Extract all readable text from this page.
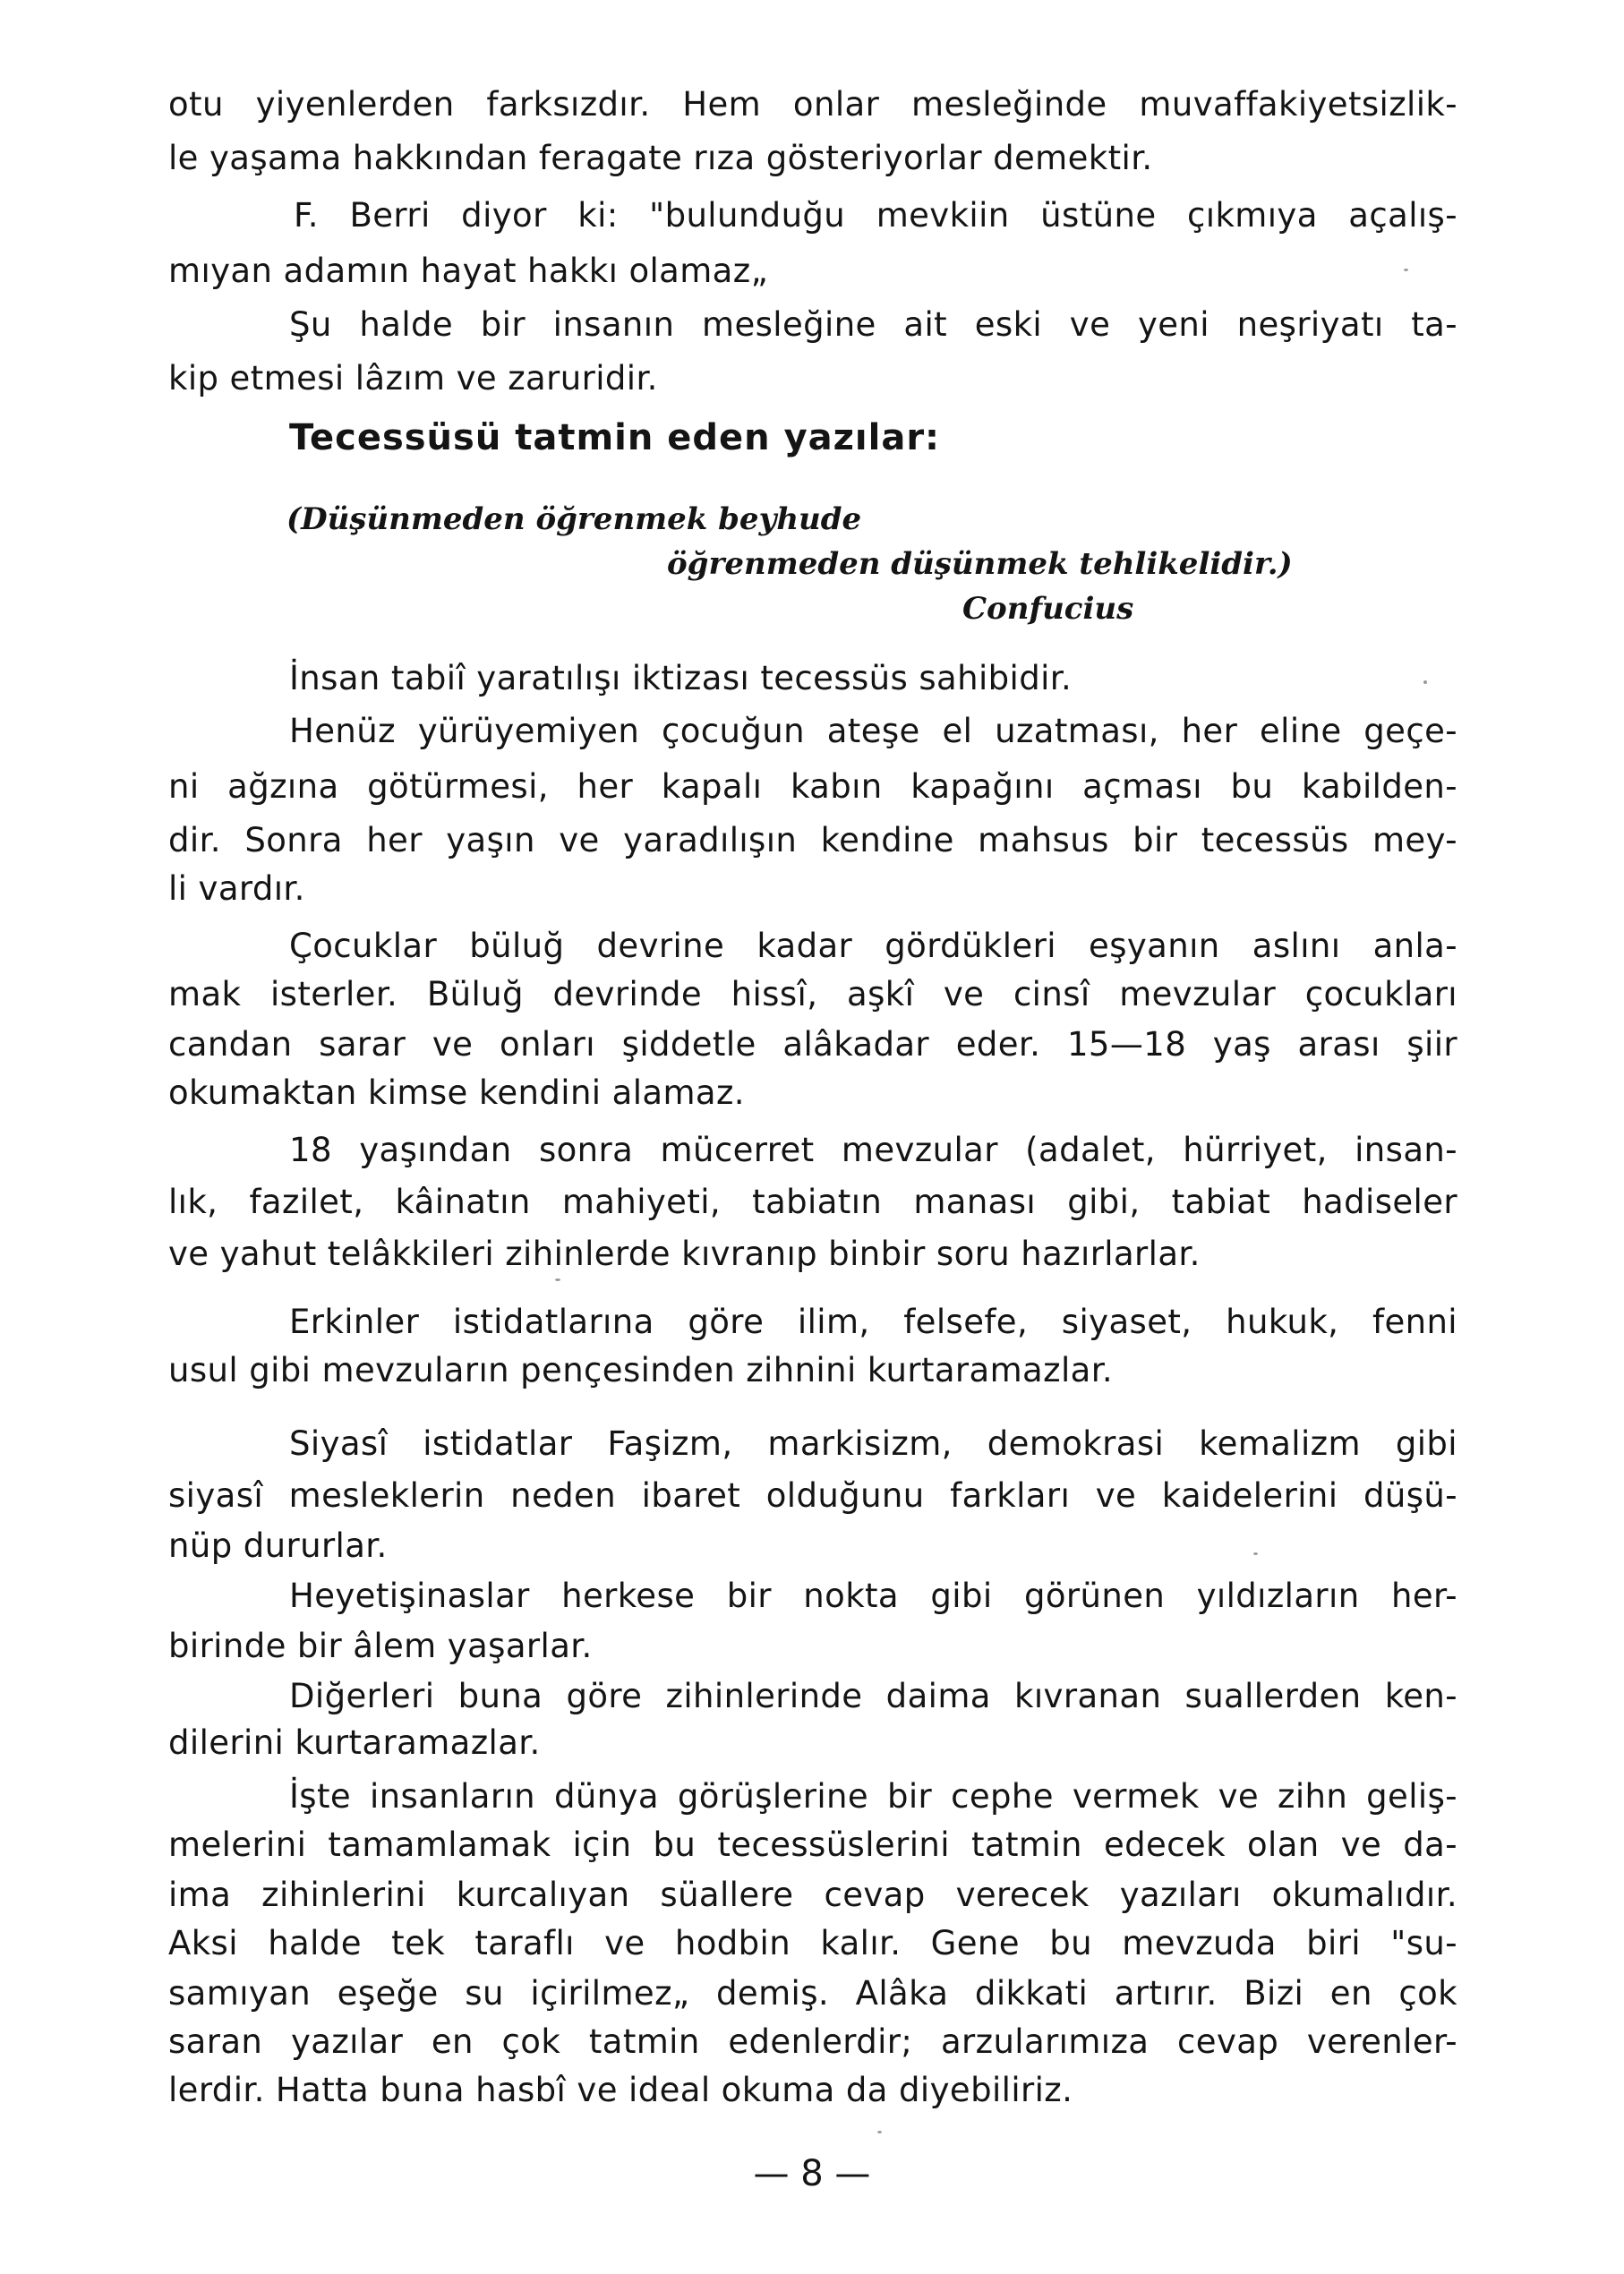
otu yiyenlerden farksızdır. Hem onlar mesleğinde muvaffakiyetsizlik-
le yaşama hakkından feragate rıza gösteriyorlar demektir.
F. Berri diyor ki: "bulunduğu mevkiin üstüne çıkmıya açalış-
mıyan adamın hayat hakkı olamaz„
Şu halde bir insanın mesleğine ait eski ve yeni neşriyatı ta-
kip etmesi lâzım ve zaruridir.
Tecessüsü tatmin eden yazılar:
(Düşünmeden öğrenmek beyhude
öğrenmeden düşünmek tehlikelidir.)
Confucius
İnsan tabiî yaratılışı iktizası tecessüs sahibidir.
Henüz yürüyemiyen çocuğun ateşe el uzatması, her eline geçe-
ni ağzına götürmesi, her kapalı kabın kapağını açması bu kabilden-
dir. Sonra her yaşın ve yaradılışın kendine mahsus bir tecessüs mey-
li vardır.
Çocuklar büluğ devrine kadar gördükleri eşyanın aslını anla-
mak isterler. Büluğ devrinde hissî, aşkî ve cinsî mevzular çocukları
candan sarar ve onları şiddetle alâkadar eder. 15—18 yaş arası şiir
okumaktan kimse kendini alamaz.
18 yaşından sonra mücerret mevzular (adalet, hürriyet, insan-
lık, fazilet, kâinatın mahiyeti, tabiatın manası gibi, tabiat hadiseler
ve yahut telâkkileri zihinlerde kıvranıp binbir soru hazırlarlar.
Erkinler istidatlarına göre ilim, felsefe, siyaset, hukuk, fenni
usul gibi mevzuların pençesinden zihnini kurtaramazlar.
Siyasî istidatlar Faşizm, markisizm, demokrasi kemalizm gibi
siyasî mesleklerin neden ibaret olduğunu farkları ve kaidelerini düşü-
nüp dururlar.
Heyetişinaslar herkese bir nokta gibi görünen yıldızların her-
birinde bir âlem yaşarlar.
Diğerleri buna göre zihinlerinde daima kıvranan suallerden ken-
dilerini kurtaramazlar.
İşte insanların dünya görüşlerine bir cephe vermek ve zihn geliş-
melerini tamamlamak için bu tecessüslerini tatmin edecek olan ve da-
ima zihinlerini kurcalıyan süallere cevap verecek yazıları okumalıdır.
Aksi halde tek taraflı ve hodbin kalır. Gene bu mevzuda biri "su-
samıyan eşeğe su içirilmez„ demiş. Alâka dikkati artırır. Bizi en çok
saran yazılar en çok tatmin edenlerdir; arzularımıza cevap verenler-
lerdir. Hatta buna hasbî ve ideal okuma da diyebiliriz.
— 8 —
